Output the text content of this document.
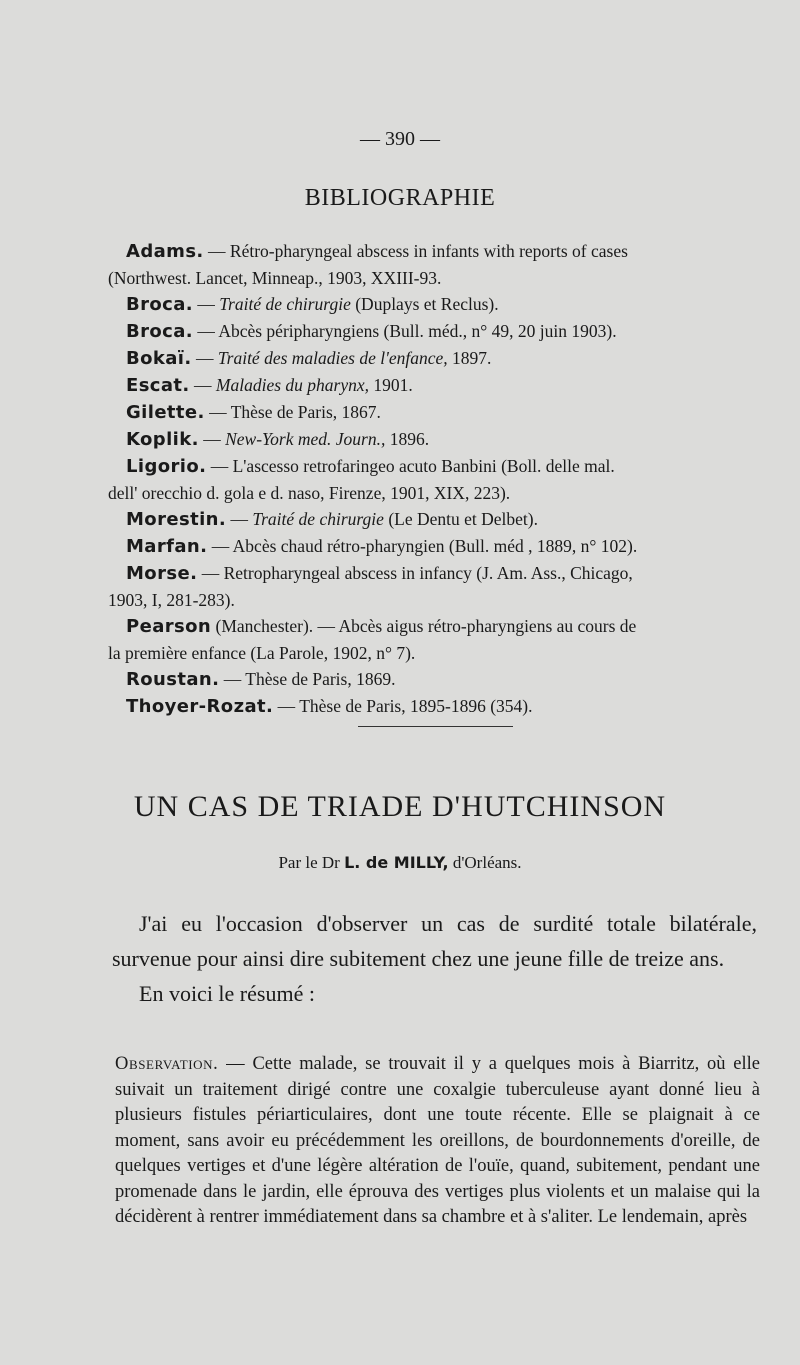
— 390 —
BIBLIOGRAPHIE

Adams. — Rétro-pharyngeal abscess in infants with reports of cases
(Northwest. Lancet, Minneap., 1903, XXIII-93.

Broca. — Traité de chirurgie (Duplays et Reclus).

Broca. — Abcès péripharyngiens (Bull. méd., n° 49, 20 juin 1903).

Bokaï. — Traité des maladies de l'enfance, 1897.

Escat. — Maladies du pharynx, 1901.

Gilette. — Thèse de Paris, 1867.

Koplik. — New-York med. Journ., 1896.

Ligorio. — L'ascesso retrofaringeo acuto Banbini (Boll. delle mal.
dell' orecchio d. gola e d. naso, Firenze, 1901, XIX, 223).

Morestin. — Traité de chirurgie (Le Dentu et Delbet).

Marfan. — Abcès chaud rétro-pharyngien (Bull. méd , 1889, n° 102).

Morse. — Retropharyngeal abscess in infancy (J. Am. Ass., Chicago,
1903, I, 281-283).

Pearson (Manchester). — Abcès aigus rétro-pharyngiens au cours de
la première enfance (La Parole, 1902, n° 7).

Roustan. — Thèse de Paris, 1869.

Thoyer-Rozat. — Thèse de Paris, 1895-1896 (354).

UN CAS DE TRIADE D'HUTCHINSON
Par le Dr L. de MILLY, d'Orléans.

J'ai eu l'occasion d'observer un cas de surdité totale bilatérale, survenue pour ainsi dire subitement chez une jeune fille de treize ans.

En voici le résumé :

Observation. — Cette malade, se trouvait il y a quelques mois à Biarritz, où elle suivait un traitement dirigé contre une coxalgie tuberculeuse ayant donné lieu à plusieurs fistules périarticulaires, dont une toute récente. Elle se plaignait à ce moment, sans avoir eu précédemment les oreillons, de bourdonnements d'oreille, de quelques vertiges et d'une légère altération de l'ouïe, quand, subitement, pendant une promenade dans le jardin, elle éprouva des vertiges plus violents et un malaise qui la décidèrent à rentrer immédiatement dans sa chambre et à s'aliter. Le lendemain, après
